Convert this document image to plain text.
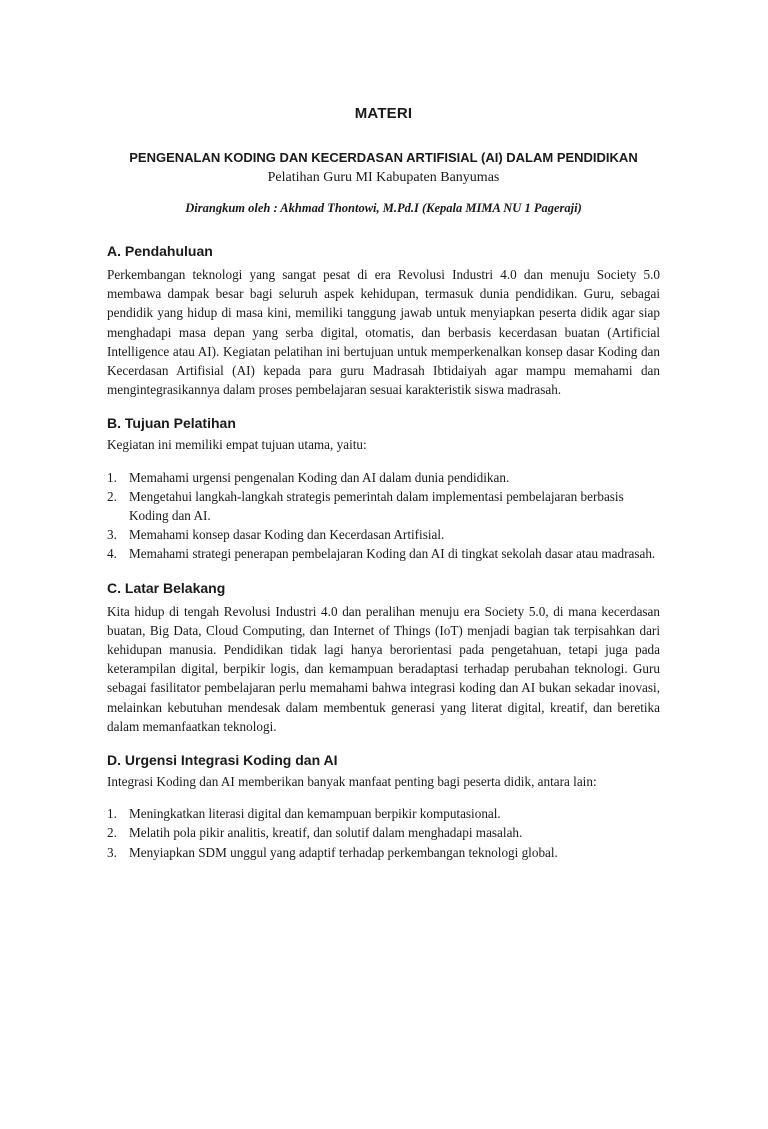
MATERI
PENGENALAN KODING DAN KECERDASAN ARTIFISIAL (AI) DALAM PENDIDIKAN

Pelatihan Guru MI Kabupaten Banyumas

Dirangkum oleh : Akhmad Thontowi, M.Pd.I (Kepala MIMA NU 1 Pageraji)

A. Pendahuluan

Perkembangan teknologi yang sangat pesat di era Revolusi Industri 4.0 dan menuju Society 5.0 membawa dampak besar bagi seluruh aspek kehidupan, termasuk dunia pendidikan. Guru, sebagai pendidik yang hidup di masa kini, memiliki tanggung jawab untuk menyiapkan peserta didik agar siap menghadapi masa depan yang serba digital, otomatis, dan berbasis kecerdasan buatan (Artificial Intelligence atau AI). Kegiatan pelatihan ini bertujuan untuk memperkenalkan konsep dasar Koding dan Kecerdasan Artifisial (AI) kepada para guru Madrasah Ibtidaiyah agar mampu memahami dan mengintegrasikannya dalam proses pembelajaran sesuai karakteristik siswa madrasah.

B. Tujuan Pelatihan

Kegiatan ini memiliki empat tujuan utama, yaitu:

1. Memahami urgensi pengenalan Koding dan AI dalam dunia pendidikan.
2. Mengetahui langkah-langkah strategis pemerintah dalam implementasi pembelajaran berbasis Koding dan AI.
3. Memahami konsep dasar Koding dan Kecerdasan Artifisial.
4. Memahami strategi penerapan pembelajaran Koding dan AI di tingkat sekolah dasar atau madrasah.
C. Latar Belakang

Kita hidup di tengah Revolusi Industri 4.0 dan peralihan menuju era Society 5.0, di mana kecerdasan buatan, Big Data, Cloud Computing, dan Internet of Things (IoT) menjadi bagian tak terpisahkan dari kehidupan manusia. Pendidikan tidak lagi hanya berorientasi pada pengetahuan, tetapi juga pada keterampilan digital, berpikir logis, dan kemampuan beradaptasi terhadap perubahan teknologi. Guru sebagai fasilitator pembelajaran perlu memahami bahwa integrasi koding dan AI bukan sekadar inovasi, melainkan kebutuhan mendesak dalam membentuk generasi yang literat digital, kreatif, dan beretika dalam memanfaatkan teknologi.

D. Urgensi Integrasi Koding dan AI

Integrasi Koding dan AI memberikan banyak manfaat penting bagi peserta didik, antara lain:

1. Meningkatkan literasi digital dan kemampuan berpikir komputasional.
2. Melatih pola pikir analitis, kreatif, dan solutif dalam menghadapi masalah.
3. Menyiapkan SDM unggul yang adaptif terhadap perkembangan teknologi global.
